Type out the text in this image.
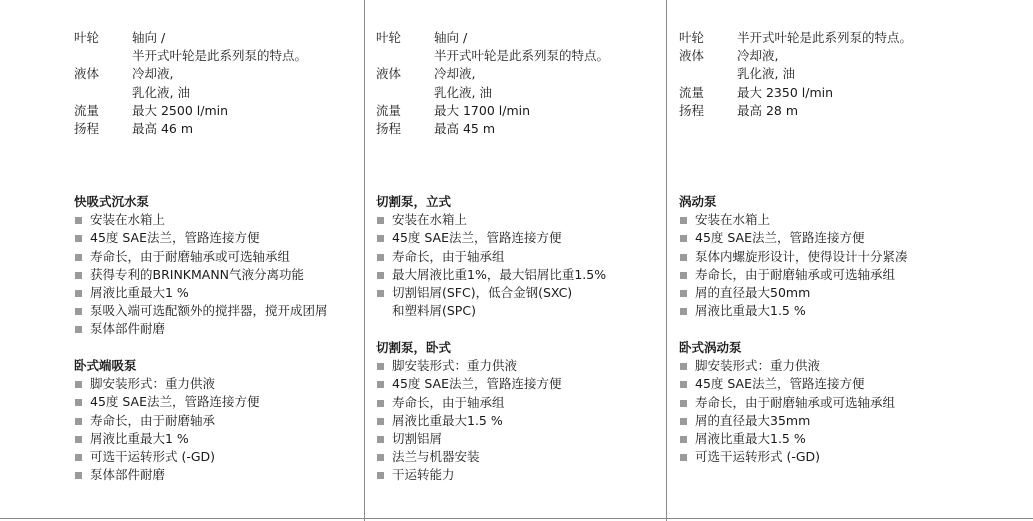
叶轮	轴向 /
半开式叶轮是此系列泵的特点。
液体	冷却液,
乳化液, 油
流量	最大 2500 l/min
扬程	最高 46 m
快吸式沉水泵
安装在水箱上
45度 SAE法兰，管路连接方便
寿命长，由于耐磨轴承或可选轴承组
获得专利的BRINKMANN气液分离功能
屑液比重最大1 %
泵吸入端可选配额外的搅拌器，搅开成团屑
泵体部件耐磨
卧式端吸泵
脚安装形式：重力供液
45度 SAE法兰，管路连接方便
寿命长，由于耐磨轴承
屑液比重最大1 %
可选干运转形式 (-GD)
泵体部件耐磨
叶轮	轴向 /
半开式叶轮是此系列泵的特点。
液体	冷却液,
乳化液, 油
流量	最大 1700 l/min
扬程	最高 45 m
切割泵，立式
安装在水箱上
45度 SAE法兰，管路连接方便
寿命长，由于轴承组
最大屑液比重1%，最大铝屑比重1.5%
切割铝屑(SFC)，低合金钢(SXC)
和塑料屑(SPC)
切割泵，卧式
脚安装形式：重力供液
45度 SAE法兰，管路连接方便
寿命长，由于轴承组
屑液比重最大1.5 %
切割铝屑
法兰与机器安装
干运转能力
叶轮	半开式叶轮是此系列泵的特点。
液体	冷却液,
乳化液, 油
流量	最大 2350 l/min
扬程	最高 28 m
涡动泵
安装在水箱上
45度 SAE法兰，管路连接方便
泵体内螺旋形设计，使得设计十分紧凑
寿命长，由于耐磨轴承或可选轴承组
屑的直径最大50mm
屑液比重最大1.5 %
卧式涡动泵
脚安装形式：重力供液
45度 SAE法兰，管路连接方便
寿命长，由于耐磨轴承或可选轴承组
屑的直径最大35mm
屑液比重最大1.5 %
可选干运转形式 (-GD)
